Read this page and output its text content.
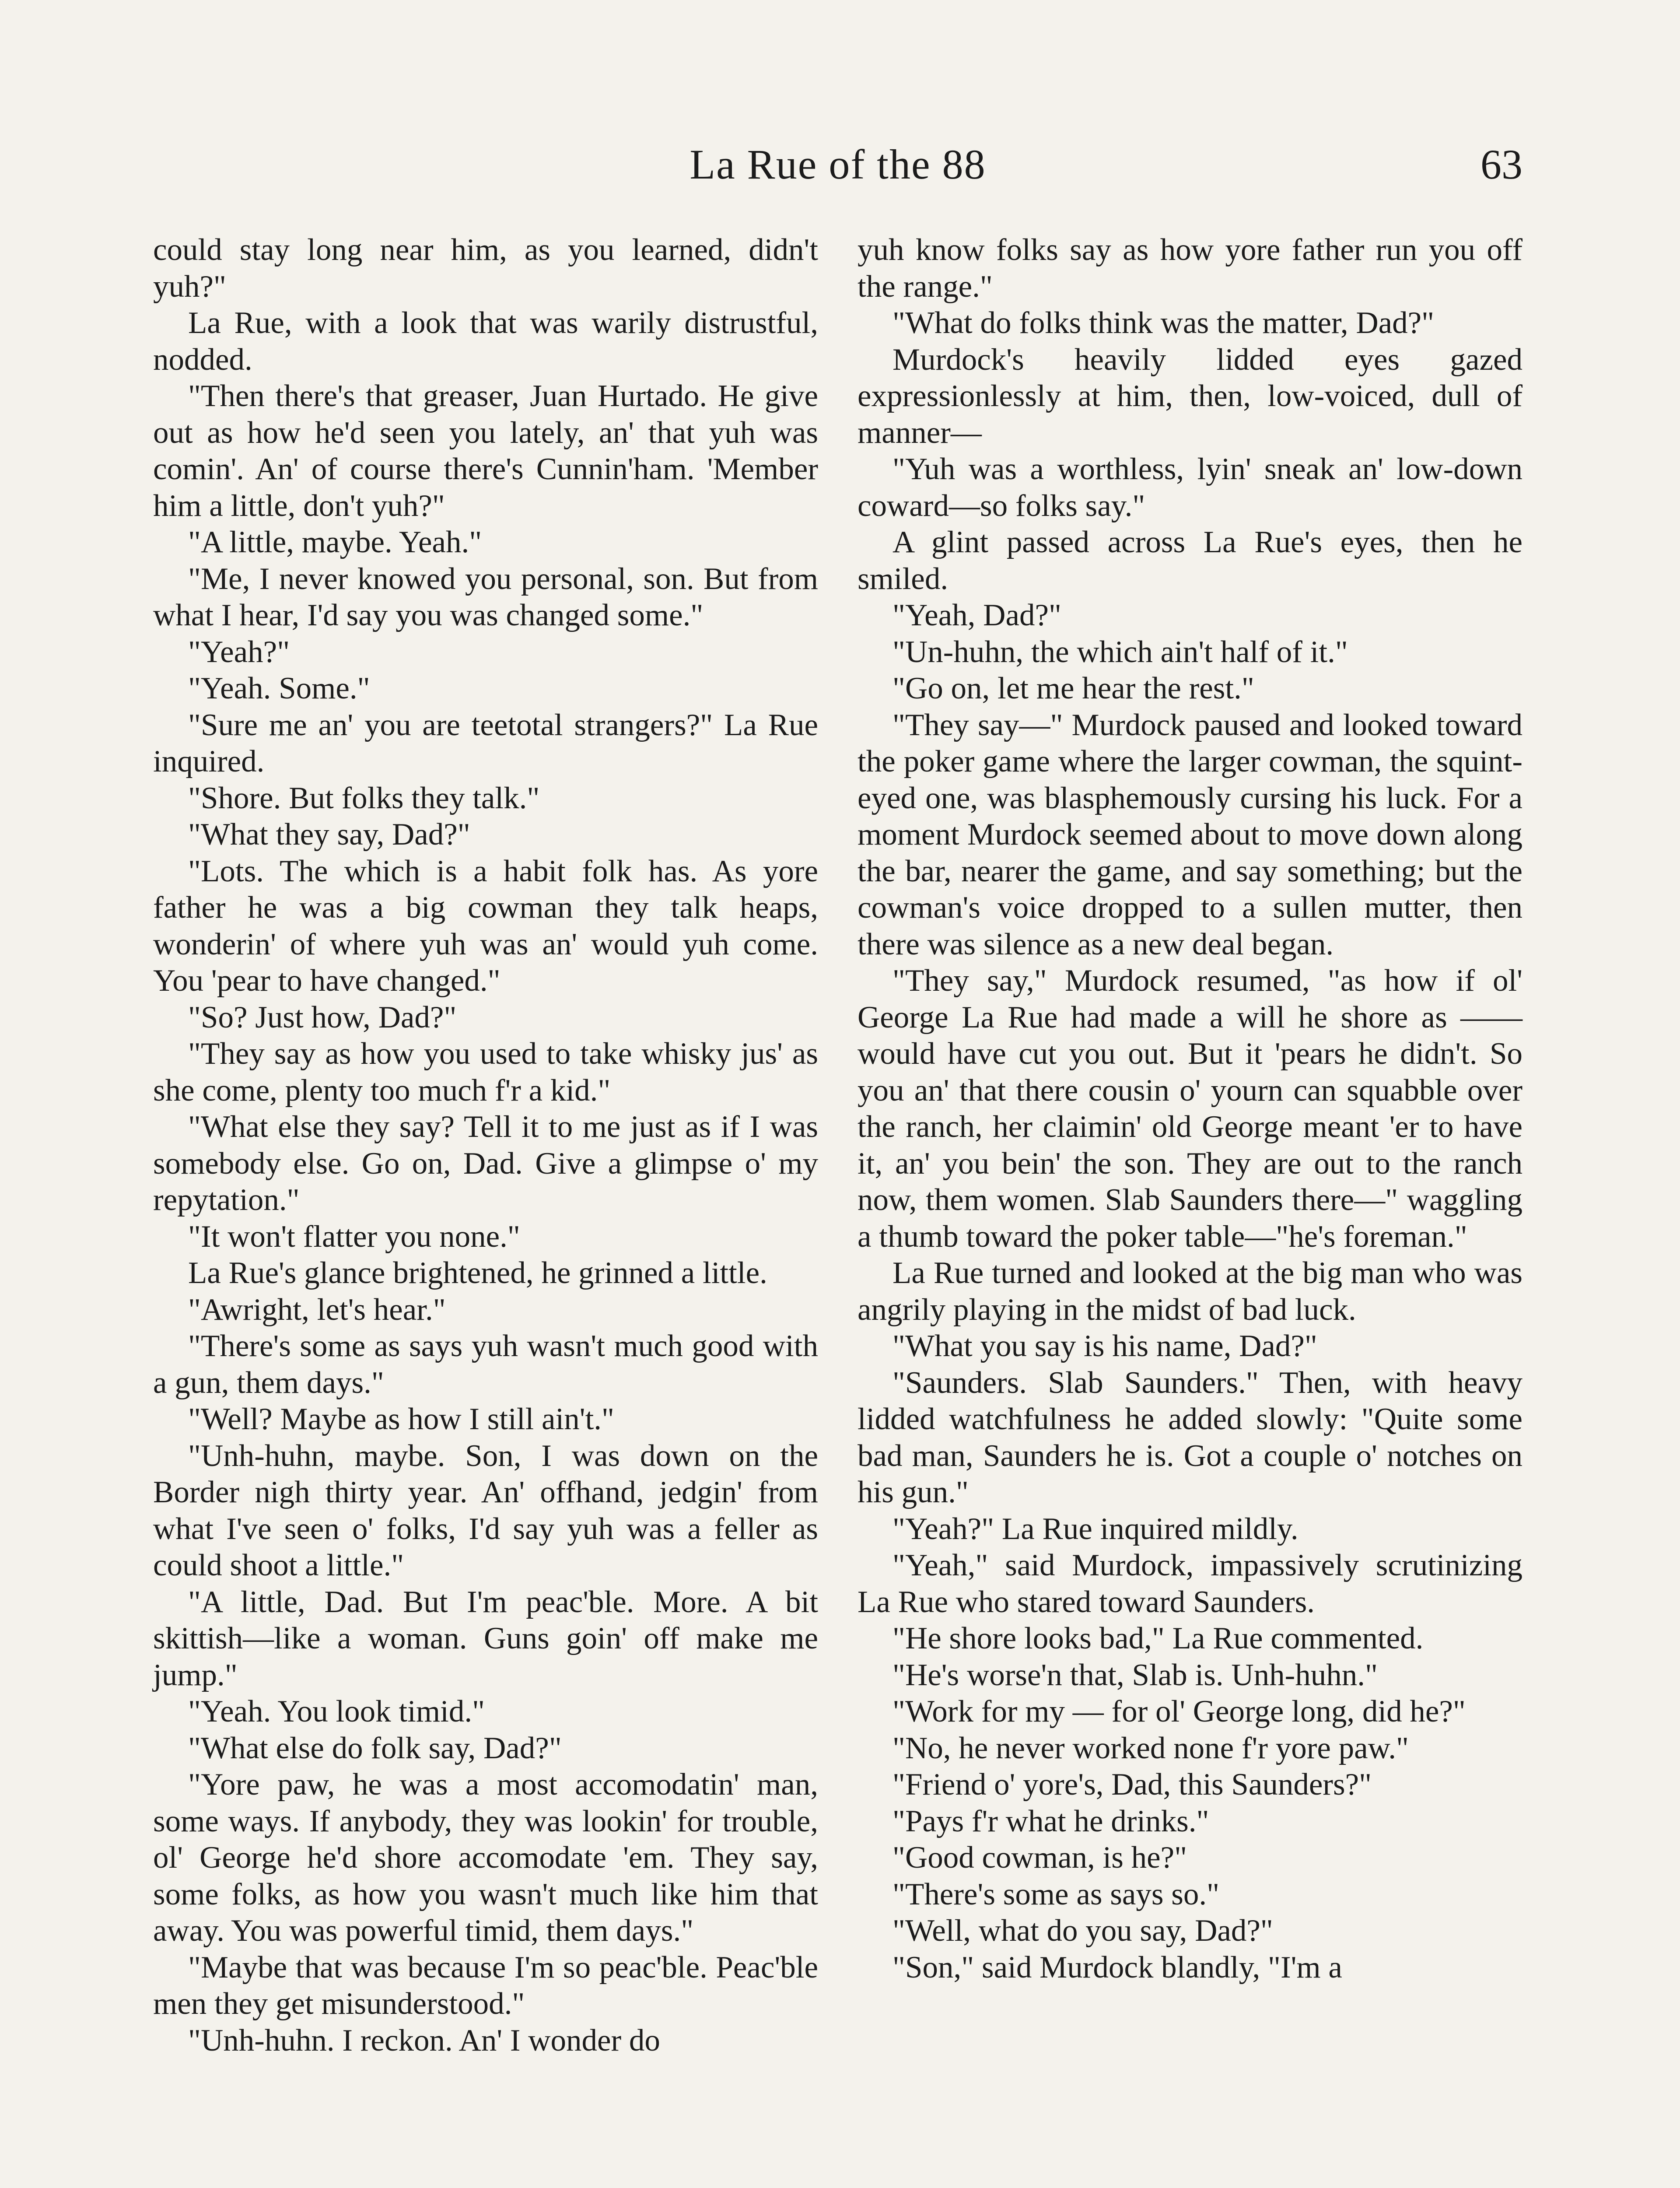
La Rue of the 88	63

could stay long near him, as you learned, didn't yuh?"

La Rue, with a look that was warily distrustful, nodded.

"Then there's that greaser, Juan Hurtado. He give out as how he'd seen you lately, an' that yuh was comin'. An' of course there's Cunnin'ham. 'Member him a little, don't yuh?"

"A little, maybe. Yeah."

"Me, I never knowed you personal, son. But from what I hear, I'd say you was changed some."

"Yeah?"

"Yeah. Some."

"Sure me an' you are teetotal strangers?" La Rue inquired.

"Shore. But folks they talk."

"What they say, Dad?"

"Lots. The which is a habit folk has. As yore father he was a big cowman they talk heaps, wonderin' of where yuh was an' would yuh come. You 'pear to have changed."

"So? Just how, Dad?"

"They say as how you used to take whisky jus' as she come, plenty too much f'r a kid."

"What else they say? Tell it to me just as if I was somebody else. Go on, Dad. Give a glimpse o' my repytation."

"It won't flatter you none."

La Rue's glance brightened, he grinned a little.

"Awright, let's hear."

"There's some as says yuh wasn't much good with a gun, them days."

"Well? Maybe as how I still ain't."

"Unh-huhn, maybe. Son, I was down on the Border nigh thirty year. An' offhand, jedgin' from what I've seen o' folks, I'd say yuh was a feller as could shoot a little."

"A little, Dad. But I'm peac'ble. More. A bit skittish—like a woman. Guns goin' off make me jump."

"Yeah. You look timid."

"What else do folk say, Dad?"

"Yore paw, he was a most accomodatin' man, some ways. If anybody, they was lookin' for trouble, ol' George he'd shore accomodate 'em. They say, some folks, as how you wasn't much like him that away. You was powerful timid, them days."

"Maybe that was because I'm so peac'ble. Peac'ble men they get misunderstood."

"Unh-huhn. I reckon. An' I wonder do

yuh know folks say as how yore father run you off the range."

"What do folks think was the matter, Dad?"

Murdock's heavily lidded eyes gazed expressionlessly at him, then, low-voiced, dull of manner—

"Yuh was a worthless, lyin' sneak an' low-down coward—so folks say."

A glint passed across La Rue's eyes, then he smiled.

"Yeah, Dad?"

"Un-huhn, the which ain't half of it."

"Go on, let me hear the rest."

"They say—" Murdock paused and looked toward the poker game where the larger cowman, the squint-eyed one, was blasphemously cursing his luck. For a moment Murdock seemed about to move down along the bar, nearer the game, and say something; but the cowman's voice dropped to a sullen mutter, then there was silence as a new deal began.

"They say," Murdock resumed, "as how if ol' George La Rue had made a will he shore as —— would have cut you out. But it 'pears he didn't. So you an' that there cousin o' yourn can squabble over the ranch, her claimin' old George meant 'er to have it, an' you bein' the son. They are out to the ranch now, them women. Slab Saunders there—" waggling a thumb toward the poker table—"he's foreman."

La Rue turned and looked at the big man who was angrily playing in the midst of bad luck.

"What you say is his name, Dad?"

"Saunders. Slab Saunders." Then, with heavy lidded watchfulness he added slowly: "Quite some bad man, Saunders he is. Got a couple o' notches on his gun."

"Yeah?" La Rue inquired mildly.

"Yeah," said Murdock, impassively scrutinizing La Rue who stared toward Saunders.

"He shore looks bad," La Rue commented.

"He's worse'n that, Slab is. Unh-huhn."

"Work for my — for ol' George long, did he?"

"No, he never worked none f'r yore paw."

"Friend o' yore's, Dad, this Saunders?"

"Pays f'r what he drinks."

"Good cowman, is he?"

"There's some as says so."

"Well, what do you say, Dad?"

"Son," said Murdock blandly, "I'm a
